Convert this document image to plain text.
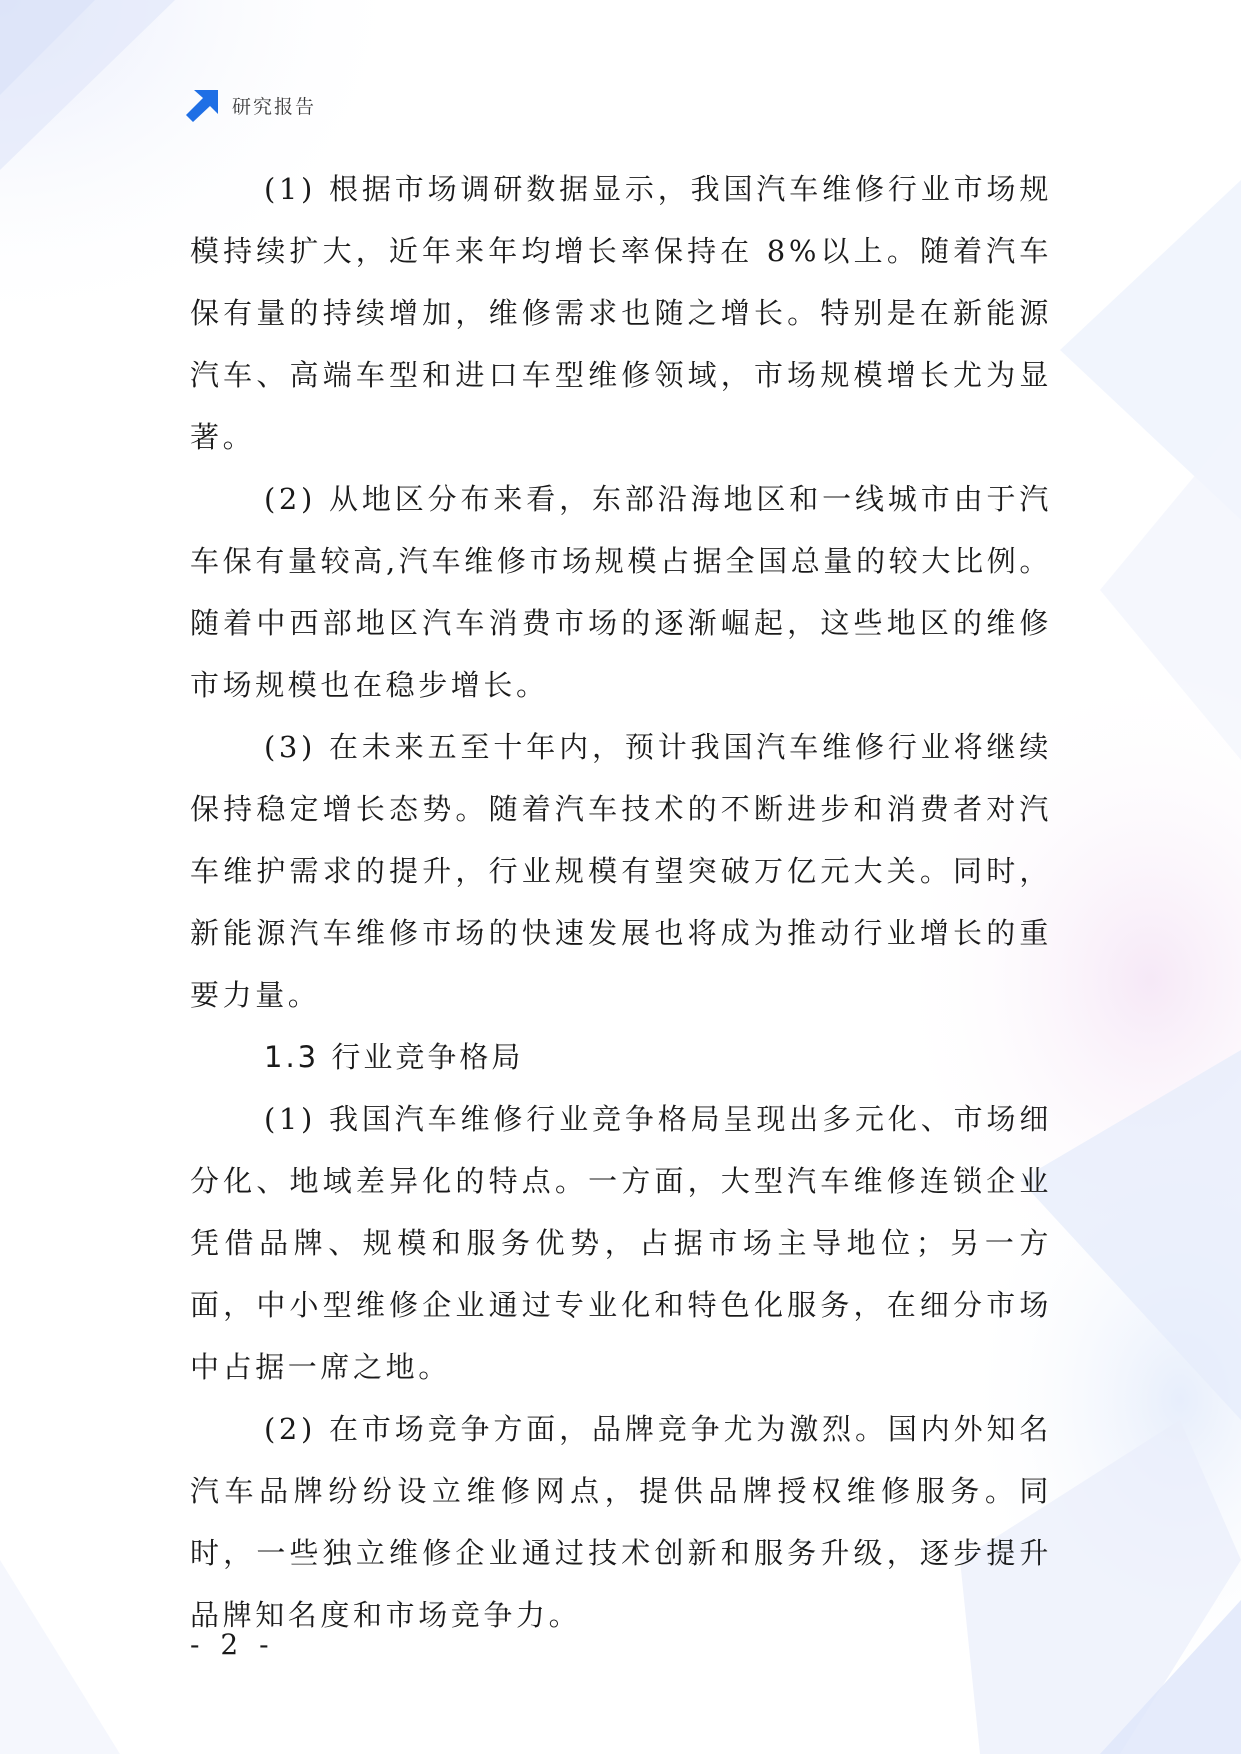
研究报告

(1) 根据市场调研数据显示，我国汽车维修行业市场规模持续扩大，近年来年均增长率保持在 8%以上。随着汽车保有量的持续增加，维修需求也随之增长。特别是在新能源汽车、高端车型和进口车型维修领域，市场规模增长尤为显著。

(2) 从地区分布来看，东部沿海地区和一线城市由于汽车保有量较高,汽车维修市场规模占据全国总量的较大比例。随着中西部地区汽车消费市场的逐渐崛起，这些地区的维修市场规模也在稳步增长。

(3) 在未来五至十年内，预计我国汽车维修行业将继续保持稳定增长态势。随着汽车技术的不断进步和消费者对汽车维护需求的提升，行业规模有望突破万亿元大关。同时，新能源汽车维修市场的快速发展也将成为推动行业增长的重要力量。

1.3 行业竞争格局

(1) 我国汽车维修行业竞争格局呈现出多元化、市场细分化、地域差异化的特点。一方面，大型汽车维修连锁企业凭借品牌、规模和服务优势，占据市场主导地位；另一方面，中小型维修企业通过专业化和特色化服务，在细分市场中占据一席之地。

(2) 在市场竞争方面，品牌竞争尤为激烈。国内外知名汽车品牌纷纷设立维修网点，提供品牌授权维修服务。同时，一些独立维修企业通过技术创新和服务升级，逐步提升品牌知名度和市场竞争力。

- 2 -
